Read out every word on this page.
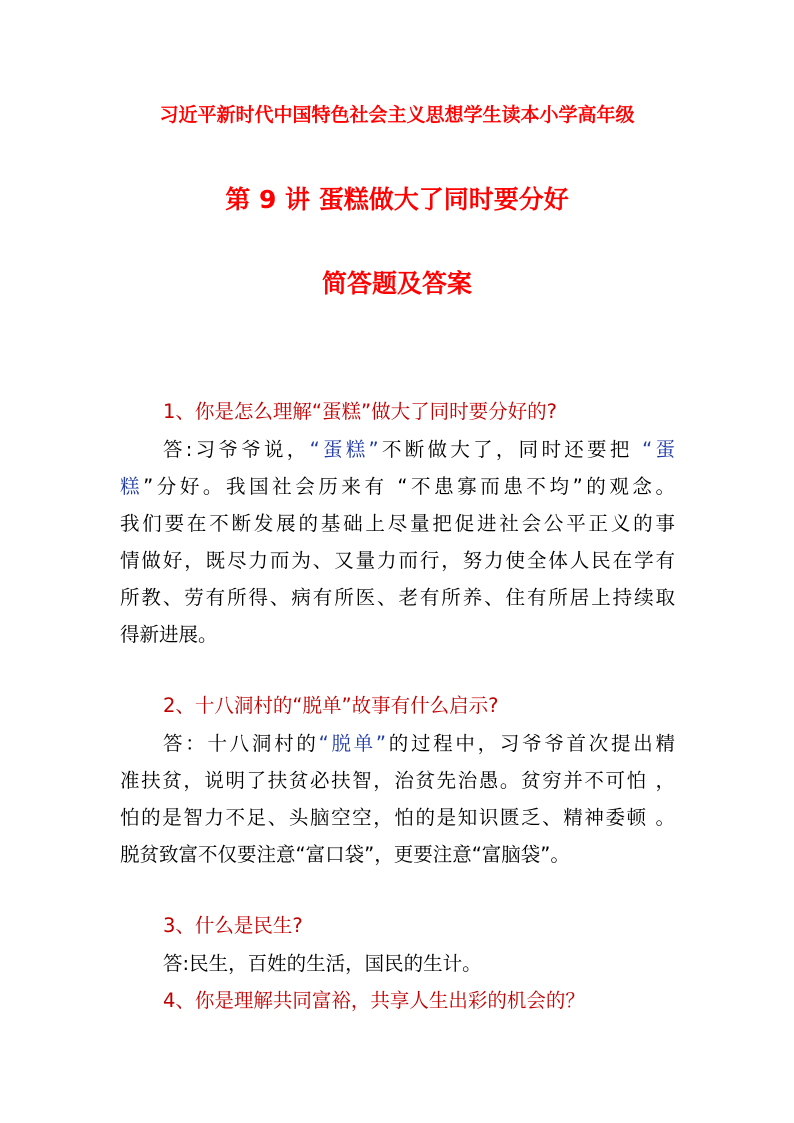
习近平新时代中国特色社会主义思想学生读本小学高年级
第 9 讲 蛋糕做大了同时要分好
简答题及答案
1、你是怎么理解“蛋糕”做大了同时要分好的?
答:习爷爷说，“蛋糕”不断做大了，同时还要把 “蛋
糕”分好。我国社会历来有 “不患寡而患不均”的观念。
我们要在不断发展的基础上尽量把促进社会公平正义的事
情做好，既尽力而为、又量力而行，努力使全体人民在学有
所教、劳有所得、病有所医、老有所养、住有所居上持续取
得新进展。
2、十八洞村的“脱单”故事有什么启示?
答：十八洞村的“脱单”的过程中，习爷爷首次提出精
准扶贫，说明了扶贫必扶智，治贫先治愚。贫穷并不可怕 ，
怕的是智力不足、头脑空空，怕的是知识匮乏、精神委顿 。
脱贫致富不仅要注意“富口袋”，更要注意“富脑袋”。
3、什么是民生?
答:民生，百姓的生活，国民的生计。
4、你是理解共同富裕，共享人生出彩的机会的？
